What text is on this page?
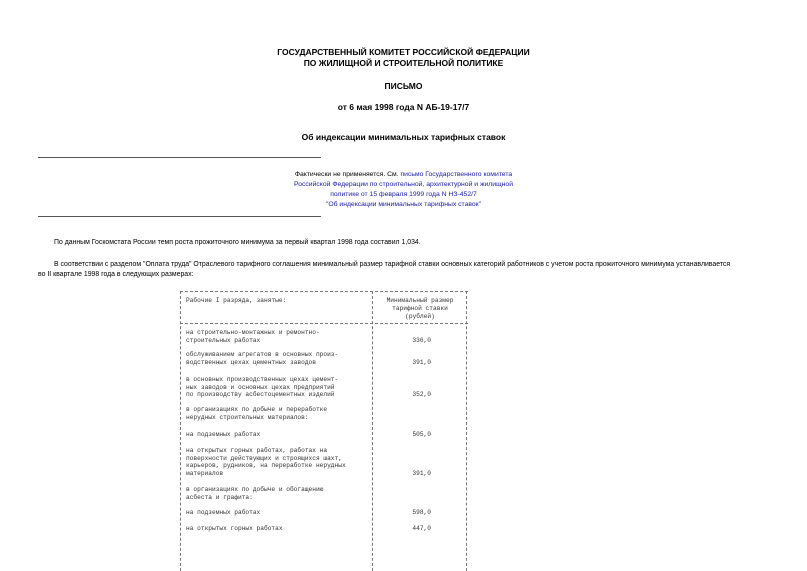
ГОСУДАРСТВЕННЫЙ КОМИТЕТ РОССИЙСКОЙ ФЕДЕРАЦИИ
ПО ЖИЛИЩНОЙ И СТРОИТЕЛЬНОЙ ПОЛИТИКЕ
ПИСЬМО
от 6 мая 1998 года N АБ-19-17/7
Об индексации минимальных тарифных ставок
Фактически не применяется. См. письмо Государственного комитета
Российской Федерации по строительной, архитектурной и жилищной
политике от 15 февраля 1999 года N НЗ-452/7
"Об индексации минимальных тарифных ставок"
По данным Госкомстата России темп роста прожиточного минимума за первый квартал 1998 года составил 1,034.
В соответствии с разделом "Оплата труда" Отраслевого тарифного соглашения минимальный размер тарифной ставки основных категорий работников с учетом роста прожиточного минимума устанавливается
во II квартале 1998 года в следующих размерах:
Рабочие I разряда, занятые:	Минимальный размер
тарифной ставки
(рублей)
на строительно-монтажных и ремонтно-
строительных работах	336,0
обслуживанием агрегатов в основных произ-
водственных цехах цементных заводов	391,0
в основных производственных цехах цемент-
ных заводов и основных цехах предприятий
по производству асбестоцементных изделий	352,0
в организациях по добыче и переработке
нерудных строительных материалов:
на подземных работах	505,0
на открытых горных работах, работах на
поверхности действующих и строящихся шахт,
карьеров, рудников, на переработке нерудных
материалов	391,0
в организациях по добыче и обогащению
асбеста и графита:
на подземных работах	598,0
на открытых горных работах	447,0
